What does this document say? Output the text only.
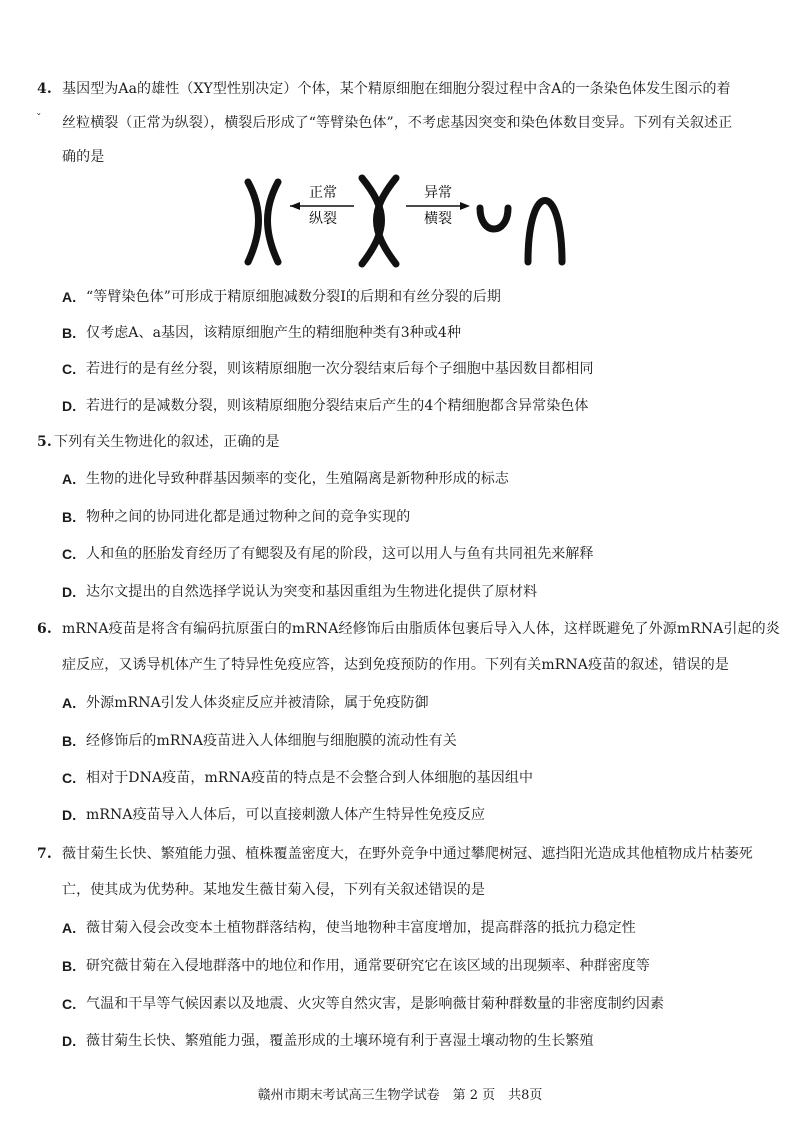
4.
ˇ
基因型为Aa的雄性（XY型性别决定）个体，某个精原细胞在细胞分裂过程中含A的一条染色体发生图示的着
丝粒横裂（正常为纵裂），横裂后形成了“等臂染色体”，不考虑基因突变和染色体数目变异。下列有关叙述正
确的是
正常
纵裂
异常
横裂
A. “等臂染色体”可形成于精原细胞减数分裂Ⅰ的后期和有丝分裂的后期
B. 仅考虑A、a基因，该精原细胞产生的精细胞种类有3种或4种
C. 若进行的是有丝分裂，则该精原细胞一次分裂结束后每个子细胞中基因数目都相同
D. 若进行的是减数分裂，则该精原细胞分裂结束后产生的4个精细胞都含异常染色体
5. 下列有关生物进化的叙述，正确的是
A. 生物的进化导致种群基因频率的变化，生殖隔离是新物种形成的标志
B. 物种之间的协同进化都是通过物种之间的竞争实现的
C. 人和鱼的胚胎发育经历了有鳃裂及有尾的阶段，这可以用人与鱼有共同祖先来解释
D. 达尔文提出的自然选择学说认为突变和基因重组为生物进化提供了原材料
6. mRNA疫苗是将含有编码抗原蛋白的mRNA经修饰后由脂质体包裹后导入人体，这样既避免了外源mRNA引起的炎
症反应，又诱导机体产生了特异性免疫应答，达到免疫预防的作用。下列有关mRNA疫苗的叙述，错误的是
A. 外源mRNA引发人体炎症反应并被清除，属于免疫防御
B. 经修饰后的mRNA疫苗进入人体细胞与细胞膜的流动性有关
C. 相对于DNA疫苗，mRNA疫苗的特点是不会整合到人体细胞的基因组中
D. mRNA疫苗导入人体后，可以直接刺激人体产生特异性免疫反应
7. 薇甘菊生长快、繁殖能力强、植株覆盖密度大，在野外竞争中通过攀爬树冠、遮挡阳光造成其他植物成片枯萎死
亡，使其成为优势种。某地发生薇甘菊入侵，下列有关叙述错误的是
A. 薇甘菊入侵会改变本土植物群落结构，使当地物种丰富度增加，提高群落的抵抗力稳定性
B. 研究薇甘菊在入侵地群落中的地位和作用，通常要研究它在该区域的出现频率、种群密度等
C. 气温和干旱等气候因素以及地震、火灾等自然灾害，是影响薇甘菊种群数量的非密度制约因素
D. 薇甘菊生长快、繁殖能力强，覆盖形成的土壤环境有利于喜湿土壤动物的生长繁殖
赣州市期末考试高三生物学试卷　第 2 页　共8页
